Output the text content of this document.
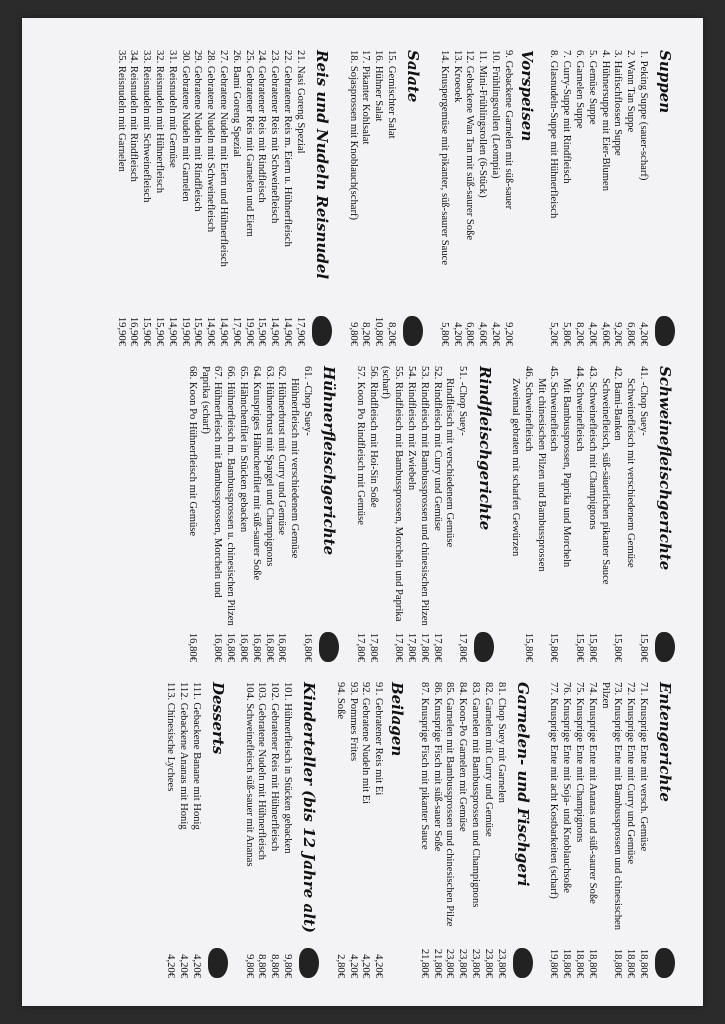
Suppen
1. Peking Suppe (sauer-scharf)
4,20€
2. Wann Tan Suppe
6,80€
3. Haifischflossen Suppe
9,20€
4. Hühnersuppe mit Eier-Blumen
4,60€
5. Gemüse Suppe
4,20€
6. Garnelen Suppe
8,20€
7. Curry-Suppe mit Rindfleisch
5,80€
8. Glasnudeln-Suppe mit Hühnerfleisch
5,20€
Vorspeisen
9. Gebackene Garnelen mit süß-sauer
9,20€
10. Frühlingsrollen (Leompia)
4,20€
11. Mini-Frühlingsrollen (6-Stück)
4,60€
12. Gebackene Wan Tan mit süß-saurer Soße
6,80€
13. Kroeoek
4,20€
14. Knuspergemüse mit pikanter, süß-saurer Sauce
5,80€
Salate
15. Gemischter Salat
8,20€
16. Hühner Salat
10,80€
17. Pikanter Kohlsalat
8,20€
18. Sojasprossen mit Knoblauch(scharf)
9,80€
Reis und Nudeln Reisnudel
21. Nasi Goreng Spezial
17,90€
22. Gebratener Reis m. Eiern u. Hühnerfleisch
14,90€
23. Gebratener Reis mit Schweinefleisch
14,90€
24. Gebratener Reis mit Rindfleisch
15,90€
25. Gebratener Reis mit Garnelen und Eiern
19,90€
26. Bami Goreng Spezial
17,90€
27. Gebratene Nudeln mit Eiern und Hühnerfleisch
14,90€
28. Gebratene Nudeln mit Schweinefleisch
14,90€
29. Gebratene Nudeln mit Rindfleisch
15,90€
30. Gebratene Nudeln mit Garnelen
19,90€
31. Reisnudeln mit Gemüse
14,90€
32. Reisnudeln mit Hühnerfleisch
15,90€
33. Reisnudeln mit Schweinefleisch
15,90€
34. Reisnudeln mit Rindfleisch
16,90€
35. Reisnudeln mit Garnelen
19,90€
Schweinefleischgerichte
41. -Chop Suey-
15,80€
Schweinefleisch mit verschiedenem Gemüse
42. Bami-Banken
15,80€
Schweinefleisch, süß-säuerlichen pikanter Sauce
43. Schweinefleisch mit Champignons
15,80€
44. Schweinefleisch
15,80€
Mit Bambussprossen, Paprika und Morcheln
45. Schweinefleisch
15,80€
Mit chinesischen Pilzen und Bambussprossen
46. Schweinefleisch
15,80€
Zweimal gebraten mit scharfen Gewürzen
Rindfleischgerichte
51. -Chop Suey-
17,80€
Rindfleisch mit verschiedenem Gemüse
52. Rindfleisch mit Curry und Gemüse
17,80€
53. Rindfleisch mit Bambussprossen und chinesischen Pilzen
17,80€
54. Rindfleisch mit Zwiebeln
17,80€
55. Rindfleisch mit Bambussprossen, Morcheln und Paprika (scharf)
17,80€
56. Rindfleisch mit Hoi-Sin Soße
17,80€
57. Koon Po Rindfleisch mit Gemüse
17,80€
Hühnerfleischgerichte
61. -Chop Suey-
16,80€
Hühnerfleisch mit verschiedenem Gemüse
62. Hühnerbrust mit Curry und Gemüse
16,80€
63. Hühnerbrust mit Spargel und Champignons
16,80€
64. Knuspriges Hähnchenfilet mit süß-saurer Soße
16,80€
65. Hähnchenfilet in Stücken gebacken
16,80€
66. Hühnerfleisch m. Bambussprossen u. chinesischen Pilzen
16,80€
67. Hühnerfleisch mit Bambussprossen, Morcheln und Paprika (scharf)
16,80€
68. Koon Po Hühnerfleisch mit Gemüse
16,80€
Entengerichte
71. Knusprige Ente mit versch. Gemüse
18,80€
72. Knusprige Ente mit Curry und Gemüse
18,80€
73. Knusprige Ente mit Bambussprossen und chinesischen Pilzen
18,80€
74. Knusprige Ente mit Ananas und süß-saurer Soße
18,80€
75. Knusprige Ente mit Champignons
18,80€
76. Knusprige Ente mit Soja- und Knoblauchsoße
18,80€
77. Knusprige Ente mit acht Kostbarkeiten (scharf)
19,80€
Garnelen- und Fischgeri
81. Chop Suey mit Garnelen
23,80€
82. Garnelen mit Curry und Gemüse
23,80€
83. Garnelen mit Bambussprossen und Champignons
23,80€
84. Koon-Po Garnelen mit Gemüse
23,80€
85. Garnelen mit Bambussprossen und chinesischen Pilze
23,80€
86. Knusprige Fisch mit süß-sauer Soße
21,80€
87. Knusprige Fisch mit pikanter Sauce
21,80€
Beilagen
91. Gebratener Reis mit Ei
4,20€
92. Gebratene Nudeln mit Ei
4,20€
93. Pommes Frites
4,20€
94. Soße
2,80€
Kinderteller (bis 12 Jahre alt)
101. Hühnerfleisch in Stücken gebacken
9,80€
102. Gebratener Reis mit Hühnerfleisch
8,80€
103. Gebratene Nudeln mit Hühnerfleisch
8,80€
104. Schweinefleisch süß-sauer mit Ananas
9,80€
Desserts
111. Gebackene Banane mit Honig
4,20€
112. Gebackene Ananas mit Honig
4,20€
113. Chinesische Lychees
4,20€
